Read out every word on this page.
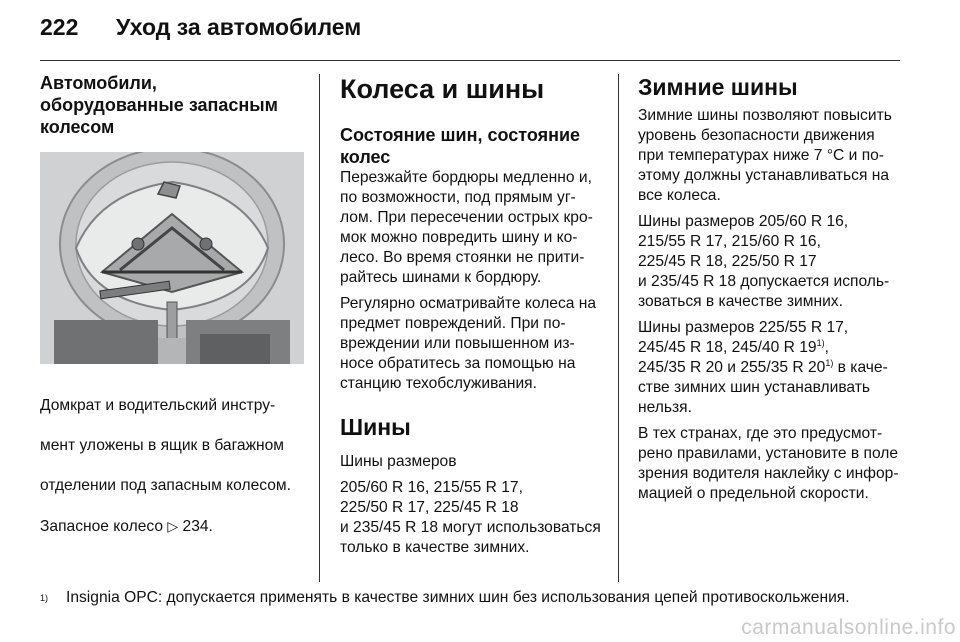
222	Уход за автомобилем
Автомобили, оборудованные запасным колесом

Домкрат и водительский инстру-

мент уложены в ящик в багажном

отделении под запасным колесом.

Запасное колесо ▷ 234.

Колеса и шины
Состояние шин, состояние колес

Перезжайте бордюры медленно и,
по возможности, под прямым уг-
лом. При пересечении острых кро-
мок можно повредить шину и ко-
лесо. Во время стоянки не прити-
райтесь шинами к бордюру.

Регулярно осматривайте колеса на
предмет повреждений. При по-
вреждении или повышенном из-
носе обратитесь за помощью на
станцию техобслуживания.

Шины

Шины размеров

205/60 R 16, 215/55 R 17,
225/50 R 17, 225/45 R 18
и 235/45 R 18 могут использоваться
только в качестве зимних.

Зимние шины

Зимние шины позволяют повысить
уровень безопасности движения
при температурах ниже 7 °C и по-
этому должны устанавливаться на
все колеса.

Шины размеров 205/60 R 16,
215/55 R 17, 215/60 R 16,
225/45 R 18, 225/50 R 17
и 235/45 R 18 допускается исполь-
зоваться в качестве зимних.

Шины размеров 225/55 R 17,
245/45 R 18, 245/40 R 19$^{1)}$,
245/35 R 20 и 255/35 R 20$^{1)}$ в каче-
стве зимних шин устанавливать
нельзя.

В тех странах, где это предусмот-
рено правилами, установите в поле
зрения водителя наклейку с инфор-
мацией о предельной скорости.

1)	Insignia OPC: допускается применять в качестве зимних шин без использования цепей противоскольжения.
carmanualsonline.info
